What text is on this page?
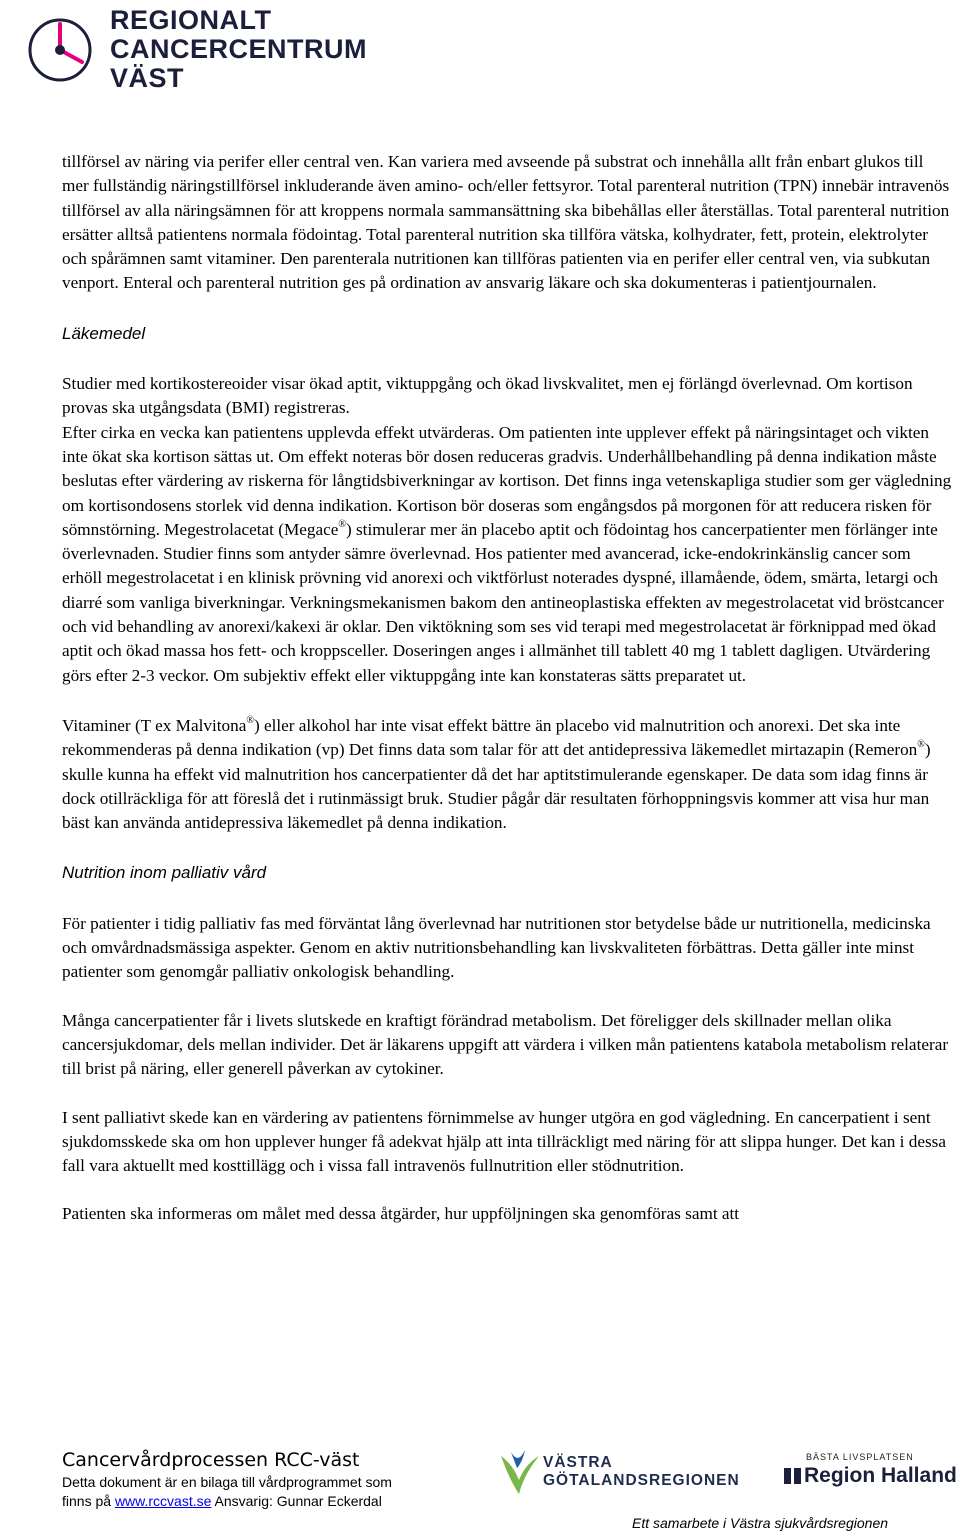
REGIONALT
CANCERCENTRUM
VÄST

tillförsel av näring via perifer eller central ven. Kan variera med avseende på substrat och innehålla allt från enbart glukos till mer fullständig näringstillförsel inkluderande även amino- och/eller fettsyror. Total parenteral nutrition (TPN) innebär intravenös tillförsel av alla näringsämnen för att kroppens normala sammansättning ska bibehållas eller återställas. Total parenteral nutrition ersätter alltså patientens normala födointag. Total parenteral nutrition ska tillföra vätska, kolhydrater, fett, protein, elektrolyter och spårämnen samt vitaminer. Den parenterala nutritionen kan tillföras patienten via en perifer eller central ven, via subkutan venport. Enteral och parenteral nutrition ges på ordination av ansvarig läkare och ska dokumenteras i patientjournalen.

Läkemedel

Studier med kortikostereoider visar ökad aptit, viktuppgång och ökad livskvalitet, men ej förlängd överlevnad. Om kortison provas ska utgångsdata (BMI) registreras.

Efter cirka en vecka kan patientens upplevda effekt utvärderas. Om patienten inte upplever effekt på näringsintaget och vikten inte ökat ska kortison sättas ut. Om effekt noteras bör dosen reduceras gradvis. Underhållbehandling på denna indikation måste beslutas efter värdering av riskerna för långtidsbiverkningar av kortison. Det finns inga vetenskapliga studier som ger vägledning om kortisondosens storlek vid denna indikation. Kortison bör doseras som engångsdos på morgonen för att reducera risken för sömnstörning. Megestrolacetat (Megace®) stimulerar mer än placebo aptit och födointag hos cancerpatienter men förlänger inte överlevnaden. Studier finns som antyder sämre överlevnad. Hos patienter med avancerad, icke-endokrinkänslig cancer som erhöll megestrolacetat i en klinisk prövning vid anorexi och viktförlust noterades dyspné, illamående, ödem, smärta, letargi och diarré som vanliga biverkningar. Verkningsmekanismen bakom den antineoplastiska effekten av megestrolacetat vid bröstcancer och vid behandling av anorexi/kakexi är oklar. Den viktökning som ses vid terapi med megestrolacetat är förknippad med ökad aptit och ökad massa hos fett- och kroppsceller. Doseringen anges i allmänhet till tablett 40 mg 1 tablett dagligen. Utvärdering görs efter 2-3 veckor. Om subjektiv effekt eller viktuppgång inte kan konstateras sätts preparatet ut.

Vitaminer (T ex Malvitona®) eller alkohol har inte visat effekt bättre än placebo vid malnutrition och anorexi. Det ska inte rekommenderas på denna indikation (vp) Det finns data som talar för att det antidepressiva läkemedlet mirtazapin (Remeron®) skulle kunna ha effekt vid malnutrition hos cancerpatienter då det har aptitstimulerande egenskaper. De data som idag finns är dock otillräckliga för att föreslå det i rutinmässigt bruk. Studier pågår där resultaten förhoppningsvis kommer att visa hur man bäst kan använda antidepressiva läkemedlet på denna indikation.

Nutrition inom palliativ vård

För patienter i tidig palliativ fas med förväntat lång överlevnad har nutritionen stor betydelse både ur nutritionella, medicinska och omvårdnadsmässiga aspekter. Genom en aktiv nutritionsbehandling kan livskvaliteten förbättras. Detta gäller inte minst patienter som genomgår palliativ onkologisk behandling.

Många cancerpatienter får i livets slutskede en kraftigt förändrad metabolism. Det föreligger dels skillnader mellan olika cancersjukdomar, dels mellan individer. Det är läkarens uppgift att värdera i vilken mån patientens katabola metabolism relaterar till brist på näring, eller generell påverkan av cytokiner.

I sent palliativt skede kan en värdering av patientens förnimmelse av hunger utgöra en god vägledning. En cancerpatient i sent sjukdomsskede ska om hon upplever hunger få adekvat hjälp att inta tillräckligt med näring för att slippa hunger. Det kan i dessa fall vara aktuellt med kosttillägg och i vissa fall intravenös fullnutrition eller stödnutrition.

Patienten ska informeras om målet med dessa åtgärder, hur uppföljningen ska genomföras samt att

Cancervårdprocessen RCC-väst
Detta dokument är en bilaga till vårdprogrammet som
finns på www.rccvast.se Ansvarig: Gunnar Eckerdal
VÄSTRA
GÖTALANDSREGIONEN
BÄSTA LIVSPLATSEN
Region Halland
Ett samarbete i Västra sjukvårdsregionen
